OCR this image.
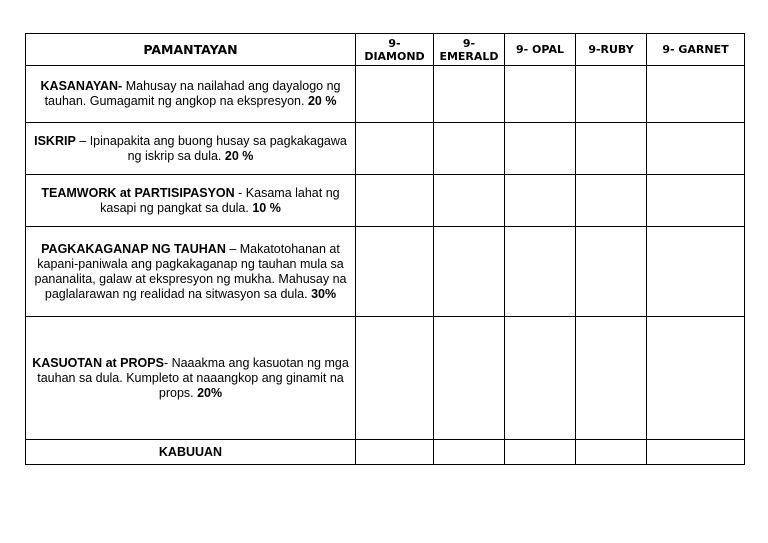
PAMANTAYAN	9- DIAMOND	9- EMERALD	9- OPAL	9-RUBY	9- GARNET
KASANAYAN- Mahusay na nailahad ang dayalogo ng tauhan. Gumagamit ng angkop na ekspresyon. 20 %					
ISKRIP – Ipinapakita ang buong husay sa pagkakagawa ng iskrip sa dula. 20 %					
TEAMWORK at PARTISIPASYON - Kasama lahat ng kasapi ng pangkat sa dula. 10 %					
PAGKAKAGANAP NG TAUHAN – Makatotohanan at kapani-paniwala ang pagkakaganap ng tauhan mula sa pananalita, galaw at ekspresyon ng mukha. Mahusay na paglalarawan ng realidad na sitwasyon sa dula. 30%					
KASUOTAN at PROPS- Naaakma ang kasuotan ng mga tauhan sa dula. Kumpleto at naaangkop ang ginamit na props. 20%					
KABUUAN					
